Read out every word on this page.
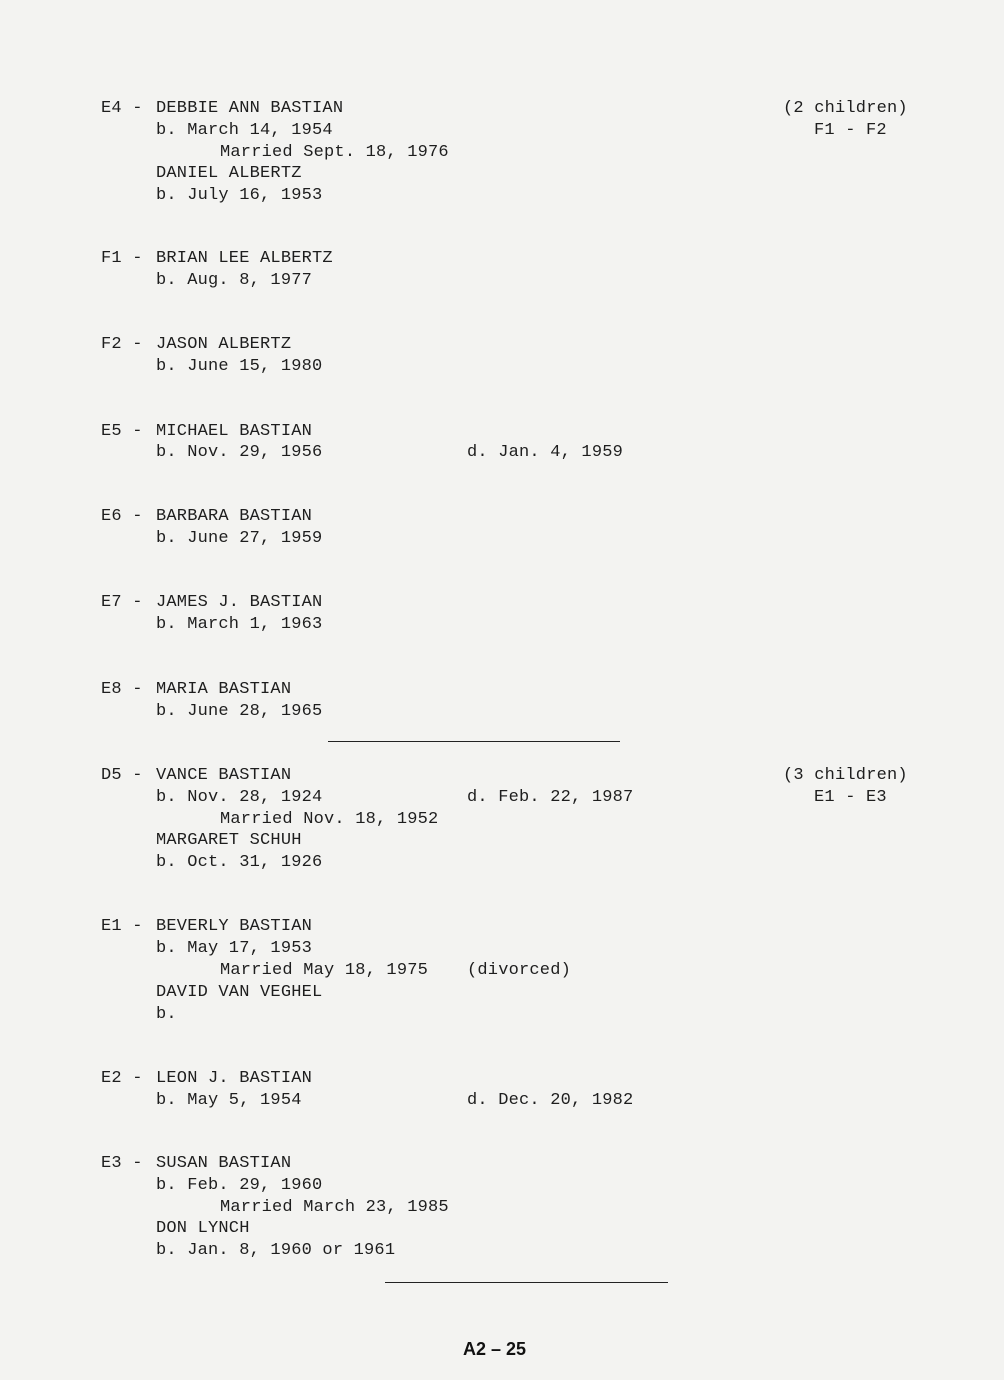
E4 - DEBBIE ANN BASTIAN
b. March 14, 1954
Married Sept. 18, 1976
DANIEL ALBERTZ
b. July 16, 1953
(2 children)
F1 - F2
F1 - BRIAN LEE ALBERTZ
b. Aug. 8, 1977
F2 - JASON ALBERTZ
b. June 15, 1980
E5 - MICHAEL BASTIAN
b. Nov. 29, 1956	d. Jan. 4, 1959
E6 - BARBARA BASTIAN
b. June 27, 1959
E7 - JAMES J. BASTIAN
b. March 1, 1963
E8 - MARIA BASTIAN
b. June 28, 1965
D5 - VANCE BASTIAN
b. Nov. 28, 1924	d. Feb. 22, 1987
Married Nov. 18, 1952
MARGARET SCHUH
b. Oct. 31, 1926
(3 children)
E1 - E3
E1 - BEVERLY BASTIAN
b. May 17, 1953
Married May 18, 1975 (divorced)
DAVID VAN VEGHEL
b.
E2 - LEON J. BASTIAN
b. May 5, 1954	d. Dec. 20, 1982
E3 - SUSAN BASTIAN
b. Feb. 29, 1960
Married March 23, 1985
DON LYNCH
b. Jan. 8, 1960 or 1961
A2 – 25
